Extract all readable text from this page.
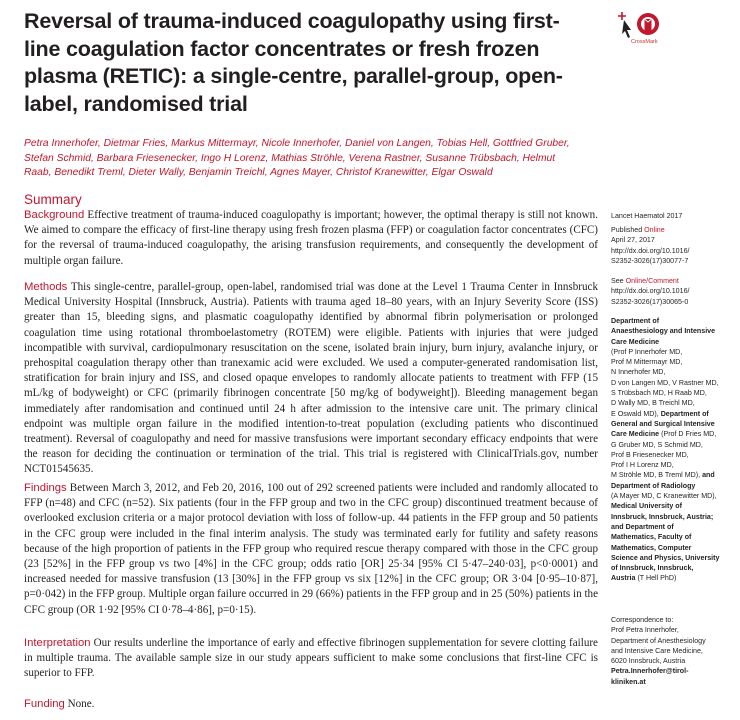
Reversal of trauma-induced coagulopathy using first-line coagulation factor concentrates or fresh frozen plasma (RETIC): a single-centre, parallel-group, open-label, randomised trial
CrossMark

Petra Innerhofer, Dietmar Fries, Markus Mittermayr, Nicole Innerhofer, Daniel von Langen, Tobias Hell, Gottfried Gruber, Stefan Schmid, Barbara Friesenecker, Ingo H Lorenz, Mathias Ströhle, Verena Rastner, Susanne Trübsbach, Helmut Raab, Benedikt Treml, Dieter Wally, Benjamin Treichl, Agnes Mayer, Christof Kranewitter, Elgar Oswald

Summary

Background Effective treatment of trauma-induced coagulopathy is important; however, the optimal therapy is still not known. We aimed to compare the efficacy of first-line therapy using fresh frozen plasma (FFP) or coagulation factor concentrates (CFC) for the reversal of trauma-induced coagulopathy, the arising transfusion requirements, and consequently the development of multiple organ failure.

Methods This single-centre, parallel-group, open-label, randomised trial was done at the Level 1 Trauma Center in Innsbruck Medical University Hospital (Innsbruck, Austria). Patients with trauma aged 18–80 years, with an Injury Severity Score (ISS) greater than 15, bleeding signs, and plasmatic coagulopathy identified by abnormal fibrin polymerisation or prolonged coagulation time using rotational thromboelastometry (ROTEM) were eligible. Patients with injuries that were judged incompatible with survival, cardiopulmonary resuscitation on the scene, isolated brain injury, burn injury, avalanche injury, or prehospital coagulation therapy other than tranexamic acid were excluded. We used a computer-generated randomisation list, stratification for brain injury and ISS, and closed opaque envelopes to randomly allocate patients to treatment with FFP (15 mL/kg of bodyweight) or CFC (primarily fibrinogen concentrate [50 mg/kg of bodyweight]). Bleeding management began immediately after randomisation and continued until 24 h after admission to the intensive care unit. The primary clinical endpoint was multiple organ failure in the modified intention-to-treat population (excluding patients who discontinued treatment). Reversal of coagulopathy and need for massive transfusions were important secondary efficacy endpoints that were the reason for deciding the continuation or termination of the trial. This trial is registered with ClinicalTrials.gov, number NCT01545635.

Findings Between March 3, 2012, and Feb 20, 2016, 100 out of 292 screened patients were included and randomly allocated to FFP (n=48) and CFC (n=52). Six patients (four in the FFP group and two in the CFC group) discontinued treatment because of overlooked exclusion criteria or a major protocol deviation with loss of follow-up. 44 patients in the FFP group and 50 patients in the CFC group were included in the final interim analysis. The study was terminated early for futility and safety reasons because of the high proportion of patients in the FFP group who required rescue therapy compared with those in the CFC group (23 [52%] in the FFP group vs two [4%] in the CFC group; odds ratio [OR] 25·34 [95% CI 5·47–240·03], p<0·0001) and increased needed for massive transfusion (13 [30%] in the FFP group vs six [12%] in the CFC group; OR 3·04 [0·95–10·87], p=0·042) in the FFP group. Multiple organ failure occurred in 29 (66%) patients in the FFP group and in 25 (50%) patients in the CFC group (OR 1·92 [95% CI 0·78–4·86], p=0·15).

Interpretation Our results underline the importance of early and effective fibrinogen supplementation for severe clotting failure in multiple trauma. The available sample size in our study appears sufficient to make some conclusions that first-line CFC is superior to FFP.

Funding None.

Lancet Haematol 2017
Published Online
April 27, 2017
http://dx.doi.org/10.1016/
S2352-3026(17)30077-7
See Online/Comment
http://dx.doi.org/10.1016/
S2352-3026(17)30065-0
Department of
Anaesthesiology and Intensive
Care Medicine
(Prof P Innerhofer MD,
Prof M Mittermayr MD,
N Innerhofer MD,
D von Langen MD, V Rastner MD,
S Trübsbach MD, H Raab MD,
D Wally MD, B Treichl MD,
E Oswald MD), Department of
General and Surgical Intensive
Care Medicine (Prof D Fries MD,
G Gruber MD, S Schmid MD,
Prof B Friesenecker MD,
Prof I H Lorenz MD,
M Ströhle MD, B Treml MD), and
Department of Radiology
(A Mayer MD, C Kranewitter MD),
Medical University of
Innsbruck, Innsbruck, Austria;
and Department of
Mathematics, Faculty of
Mathematics, Computer
Science and Physics, University
of Innsbruck, Innsbruck,
Austria (T Hell PhD)
Correspondence to:
Prof Petra Innerhofer,
Department of Anesthesiology
and Intensive Care Medicine,
6020 Innsbruck, Austria
Petra.Innerhofer@tirol-
kliniken.at
